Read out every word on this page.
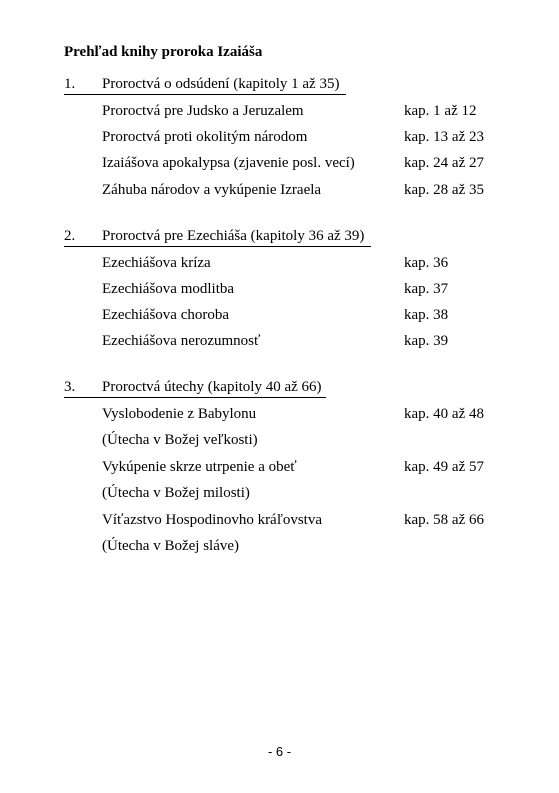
Prehľad knihy proroka Izaiáša
1. Proroctvá o odsúdení (kapitoly 1 až 35)
Proroctvá pre Judsko a Jeruzalem	kap. 1 až 12
Proroctvá proti okolitým národom	kap. 13 až 23
Izaiášova apokalypsa (zjavenie posl. vecí)	kap. 24 až 27
Záhuba národov a vykúpenie Izraela	kap. 28 až 35
2. Proroctvá pre Ezechiáša (kapitoly 36 až 39)
Ezechiášova kríza	kap. 36
Ezechiášova modlitba	kap. 37
Ezechiášova choroba	kap. 38
Ezechiášova nerozumnosť	kap. 39
3. Proroctvá útechy (kapitoly 40 až 66)
Vyslobodenie z Babylonu	kap. 40 až 48
(Útecha v Božej veľkosti)
Vykúpenie skrze utrpenie a obeť	kap. 49 až 57
(Útecha v Božej milosti)
Víťazstvo Hospodinovho kráľovstva	kap. 58 až 66
(Útecha v Božej sláve)
- 6 -
